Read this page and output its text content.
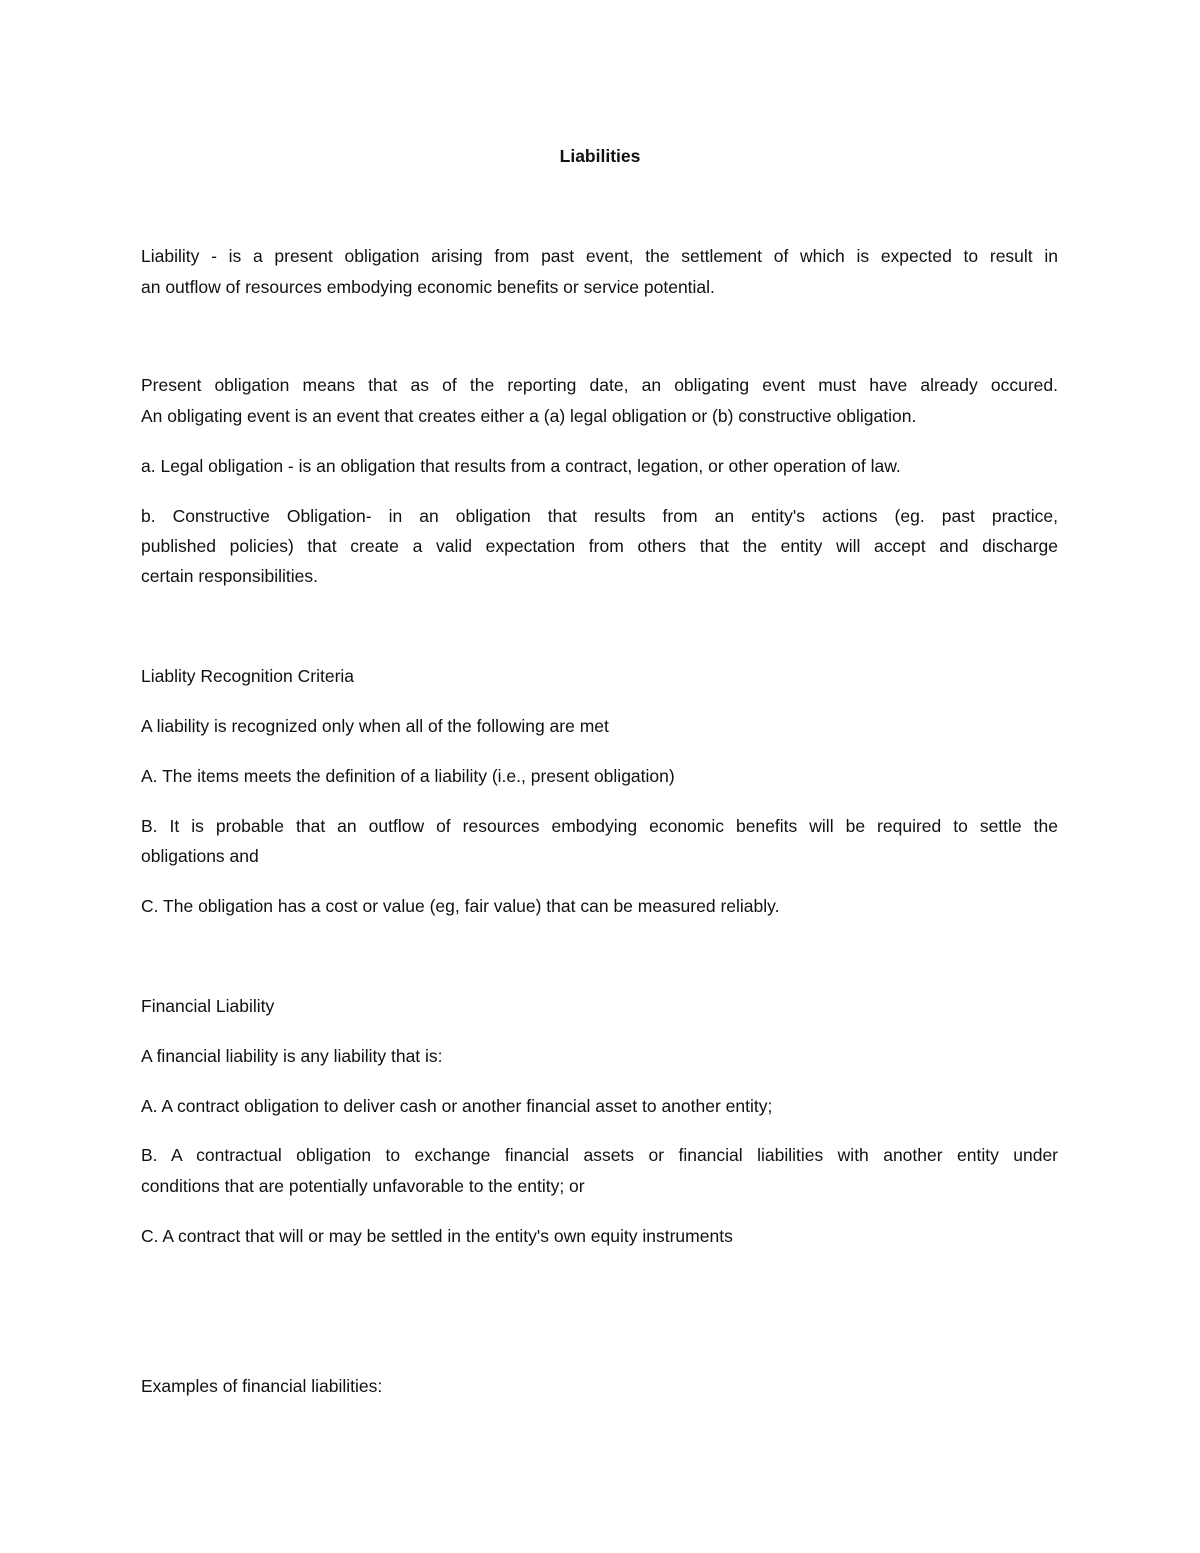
Liabilities
Liability - is a present obligation arising from past event, the settlement of which is expected to result in
an outflow of resources embodying economic benefits or service potential.
Present obligation means that as of the reporting date, an obligating event must have already occured.
An obligating event is an event that creates either a (a) legal obligation or (b) constructive obligation.
a. Legal obligation - is an obligation that results from a contract, legation, or other operation of law.
b. Constructive Obligation- in an obligation that results from an entity's actions (eg. past practice,
published policies) that create a valid expectation from others that the entity will accept and discharge
certain responsibilities.
Liablity Recognition Criteria
A liability is recognized only when all of the following are met
A. The items meets the definition of a liability (i.e., present obligation)
B. It is probable that an outflow of resources embodying economic benefits will be required to settle the
obligations and
C. The obligation has a cost or value (eg, fair value) that can be measured reliably.
Financial Liability
A financial liability is any liability that is:
A. A contract obligation to deliver cash or another financial asset to another entity;
B. A contractual obligation to exchange financial assets or financial liabilities with another entity under
conditions that are potentially unfavorable to the entity; or
C. A contract that will or may be settled in the entity's own equity instruments
Examples of financial liabilities:
